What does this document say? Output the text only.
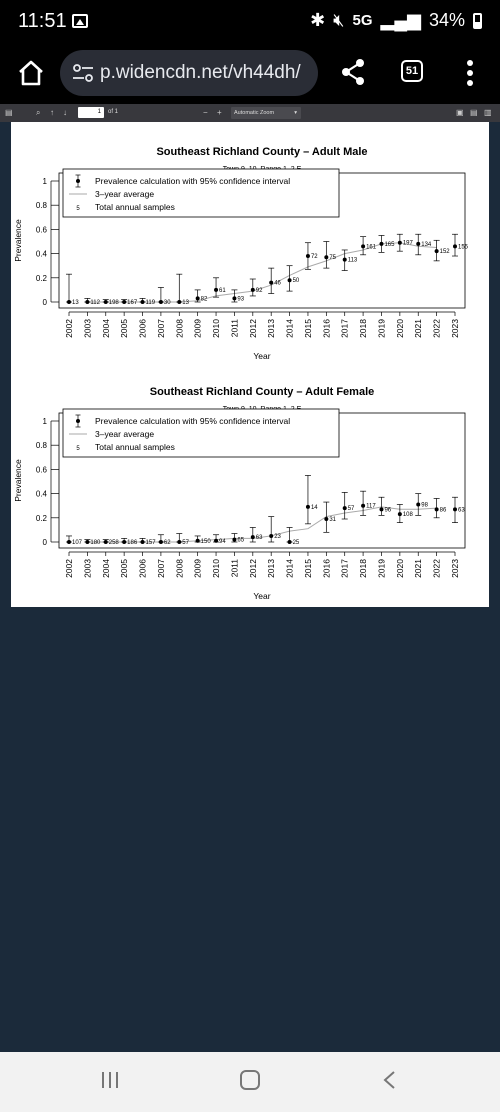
11:51	✱ 🔇︎ 5G ▂▄▆ 34%
p.widencdn.net/vh44dh/	51
▤	⌕ ↑ ↓	1	of 1	− +	Automatic Zoom	▾	▣ ▤ ▥
Southeast Richland County – Adult Male
0
0.2
0.4
0.6
0.8
1
Prevalence
2002 2003 2004 2005 2006 2007 2008 2009 2010 2011 2012 2013 2014 2015 2016 2017 2018 2019 2020 2021 2022 2023
Year
13 112 198 167 119 30 13
82
61
93
92
46 50
72 75 113
161 165 197 134
152
155
Prevalence calculation with 95% confidence interval
3–year average
5 Total annual samples
Southeast Richland County – Adult Female
0
0.2
0.4
0.6
0.8
1
Prevalence
2002 2003 2004 2005 2006 2007 2008 2009 2010 2011 2012 2013 2014 2015 2016 2017 2018 2019 2020 2021 2022 2023
Year
107 180 258 186 157 62 57 150 94 65 63 23
25
14
31
57 117
96
108
98
86 63
Prevalence calculation with 95% confidence interval
3–year average
5 Total annual samples
